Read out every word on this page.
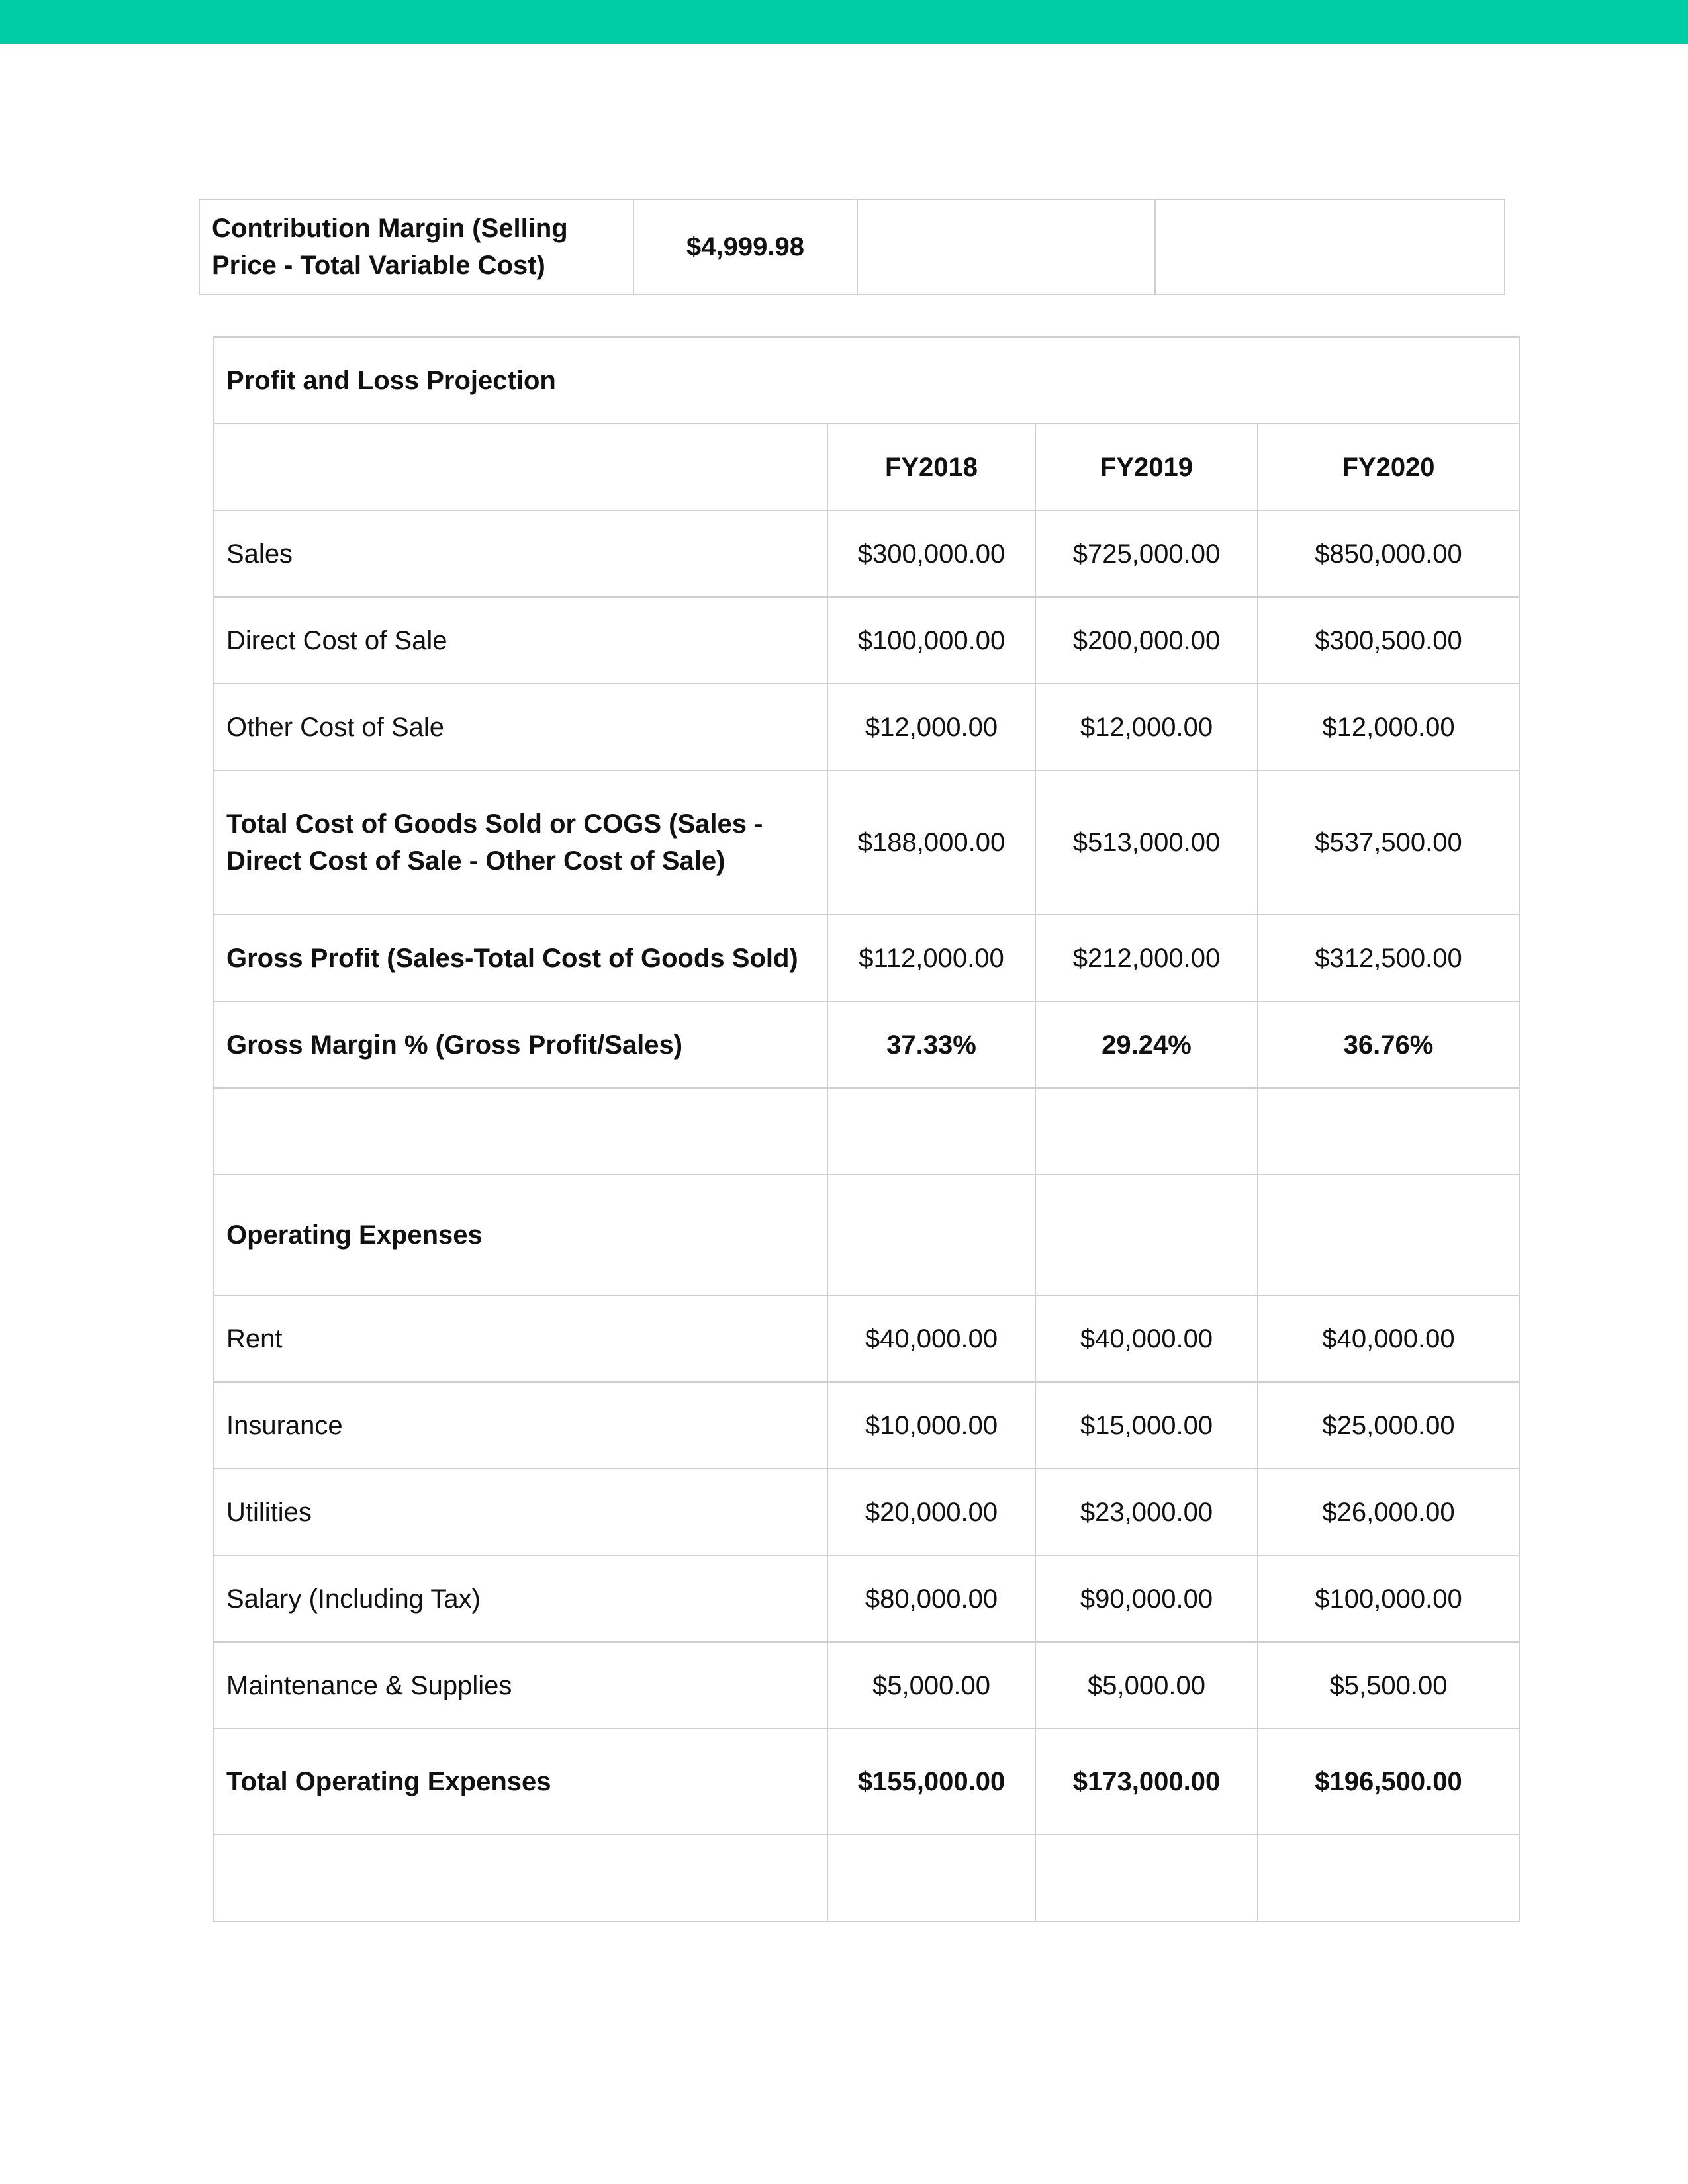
Contribution Margin (Selling Price - Total Variable Cost)	$4,999.98		
Profit and Loss Projection			
	FY2018	FY2019	FY2020
Sales	$300,000.00	$725,000.00	$850,000.00
Direct Cost of Sale	$100,000.00	$200,000.00	$300,500.00
Other Cost of Sale	$12,000.00	$12,000.00	$12,000.00
Total Cost of Goods Sold or COGS (Sales - Direct Cost of Sale - Other Cost of Sale)	$188,000.00	$513,000.00	$537,500.00
Gross Profit (Sales-Total Cost of Goods Sold)	$112,000.00	$212,000.00	$312,500.00
Gross Margin % (Gross Profit/Sales)	37.33%	29.24%	36.76%

Operating Expenses			
Rent	$40,000.00	$40,000.00	$40,000.00
Insurance	$10,000.00	$15,000.00	$25,000.00
Utilities	$20,000.00	$23,000.00	$26,000.00
Salary (Including Tax)	$80,000.00	$90,000.00	$100,000.00
Maintenance & Supplies	$5,000.00	$5,000.00	$5,500.00
Total Operating Expenses	$155,000.00	$173,000.00	$196,500.00
